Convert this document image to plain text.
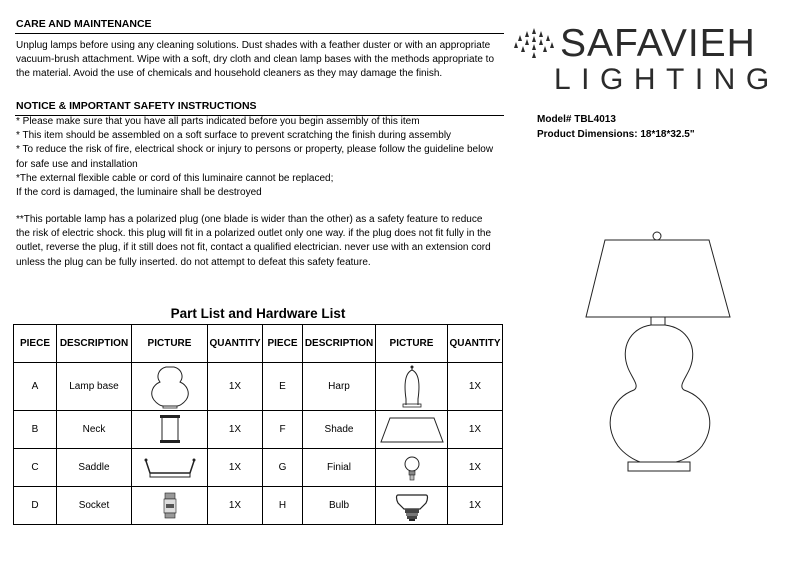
CARE AND MAINTENANCE
Unplug lamps before using any cleaning solutions. Dust shades with a feather duster or with an appropriate
vacuum-brush attachment. Wipe with a soft, dry cloth and clean lamp bases with the methods appropriate to
the material. Avoid the use of chemicals and household cleaners as they may damage the finish.
NOTICE & IMPORTANT SAFETY INSTRUCTIONS
* Please make sure that you have all parts indicated before you begin assembly of this item
* This item should be assembled on a soft surface to prevent scratching the finish during assembly
* To reduce the risk of fire, electrical shock or injury to persons or property, please follow the guideline below
for safe use and installation
*The external flexible cable or cord of this luminaire cannot be replaced;
If the cord is damaged, the luminaire shall be destroyed
**This portable lamp has a polarized plug (one blade is wider than the other) as a safety feature to reduce
the risk of electric shock. this plug will fit in a polarized outlet only one way. if the plug does not fit fully in the
outlet, reverse the plug, if it still does not fit, contact a qualified electrician. never use with an extension cord
unless the plug can be fully inserted. do not attempt to defeat this safety feature.
SAFAVIEH
LIGHTING
Model# TBL4013
Product Dimensions: 18*18*32.5"
Part List and Hardware List
PIECE	DESCRIPTION	PICTURE	QUANTITY	PIECE	DESCRIPTION	PICTURE	QUANTITY
A	Lamp base		1X	E	Harp		1X
B	Neck		1X	F	Shade		1X
C	Saddle		1X	G	Finial		1X
D	Socket		1X	H	Bulb		1X
